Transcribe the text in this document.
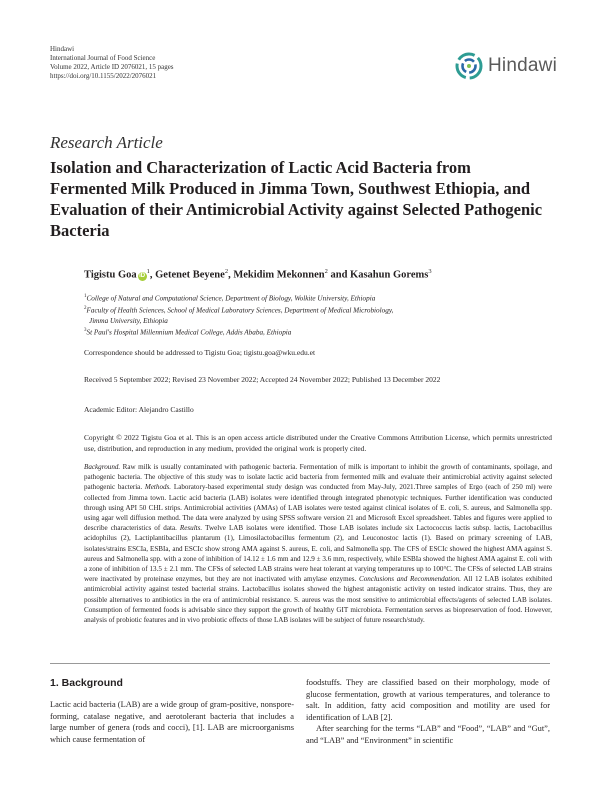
Hindawi
International Journal of Food Science
Volume 2022, Article ID 2076021, 15 pages
https://doi.org/10.1155/2022/2076021	Hindawi
Research Article
Isolation and Characterization of Lactic Acid Bacteria from Fermented Milk Produced in Jimma Town, Southwest Ethiopia, and Evaluation of their Antimicrobial Activity against Selected Pathogenic Bacteria
Tigistu Goa $iD^1$, Getenet Beyene$^2$, Mekidim Mekonnen$^2$ and Kasahun Gorems$^3$
$^1$College of Natural and Computational Science, Department of Biology, Wolkite University, Ethiopia
$^2$Faculty of Health Sciences, School of Medical Laboratory Sciences, Department of Medical Microbiology,
Jimma University, Ethiopia
$^3$St Paul's Hospital Millennium Medical College, Addis Ababa, Ethiopia
Correspondence should be addressed to Tigistu Goa; tigistu.goa@wku.edu.et
Received 5 September 2022; Revised 23 November 2022; Accepted 24 November 2022; Published 13 December 2022
Academic Editor: Alejandro Castillo
Copyright © 2022 Tigistu Goa et al. This is an open access article distributed under the Creative Commons Attribution License, which permits unrestricted use, distribution, and reproduction in any medium, provided the original work is properly cited.

Background. Raw milk is usually contaminated with pathogenic bacteria. Fermentation of milk is important to inhibit the growth of contaminants, spoilage, and pathogenic bacteria. The objective of this study was to isolate lactic acid bacteria from fermented milk and evaluate their antimicrobial activity against selected pathogenic bacteria. Methods. Laboratory-based experimental study design was conducted from May-July, 2021.Three samples of Ergo (each of 250 ml) were collected from Jimma town. Lactic acid bacteria (LAB) isolates were identified through integrated phenotypic techniques. Further identification was conducted through using API 50 CHL strips. Antimicrobial activities (AMAs) of LAB isolates were tested against clinical isolates of E. coli, S. aureus, and Salmonella spp. using agar well diffusion method. The data were analyzed by using SPSS software version 21 and Microsoft Excel spreadsheet. Tables and figures were applied to describe characteristics of data. Results. Twelve LAB isolates were identified. Those LAB isolates include six Lactococcus lactis subsp. lactis, Lactobacillus acidophilus (2), Lactiplantibacillus plantarum (1), Limosilactobacillus fermentum (2), and Leuconostoc lactis (1). Based on primary screening of LAB, isolates/strains ESCIa, ESBIa, and ESCIc show strong AMA against S. aureus, E. coli, and Salmonella spp. The CFS of ESCIc showed the highest AMA against S. aureus and Salmonella spp. with a zone of inhibition of 14.12 ± 1.6 mm and 12.9 ± 3.6 mm, respectively, while ESBIa showed the highest AMA against E. coli with a zone of inhibition of 13.5 ± 2.1 mm. The CFSs of selected LAB strains were heat tolerant at varying temperatures up to 100°C. The CFSs of selected LAB strains were inactivated by proteinase enzymes, but they are not inactivated with amylase enzymes. Conclusions and Recommendation. All 12 LAB isolates exhibited antimicrobial activity against tested bacterial strains. Lactobacillus isolates showed the highest antagonistic activity on tested indicator strains. Thus, they are possible alternatives to antibiotics in the era of antimicrobial resistance. S. aureus was the most sensitive to antimicrobial effects/agents of selected LAB isolates. Consumption of fermented foods is advisable since they support the growth of healthy GIT microbiota. Fermentation serves as biopreservation of food. However, analysis of probiotic features and in vivo probiotic effects of those LAB isolates will be subject of future research/study.

1. Background

Lactic acid bacteria (LAB) are a wide group of gram-positive, nonspore-forming, catalase negative, and aerotolerant bacteria that includes a large number of genera (rods and cocci), [1]. LAB are microorganisms which cause fermentation of

foodstuffs. They are classified based on their morphology, mode of glucose fermentation, growth at various temperatures, and tolerance to salt. In addition, fatty acid composition and motility are used for identification of LAB [2].

After searching for the terms “LAB” and “Food”, “LAB” and “Gut”, and “LAB” and “Environment” in scientific
